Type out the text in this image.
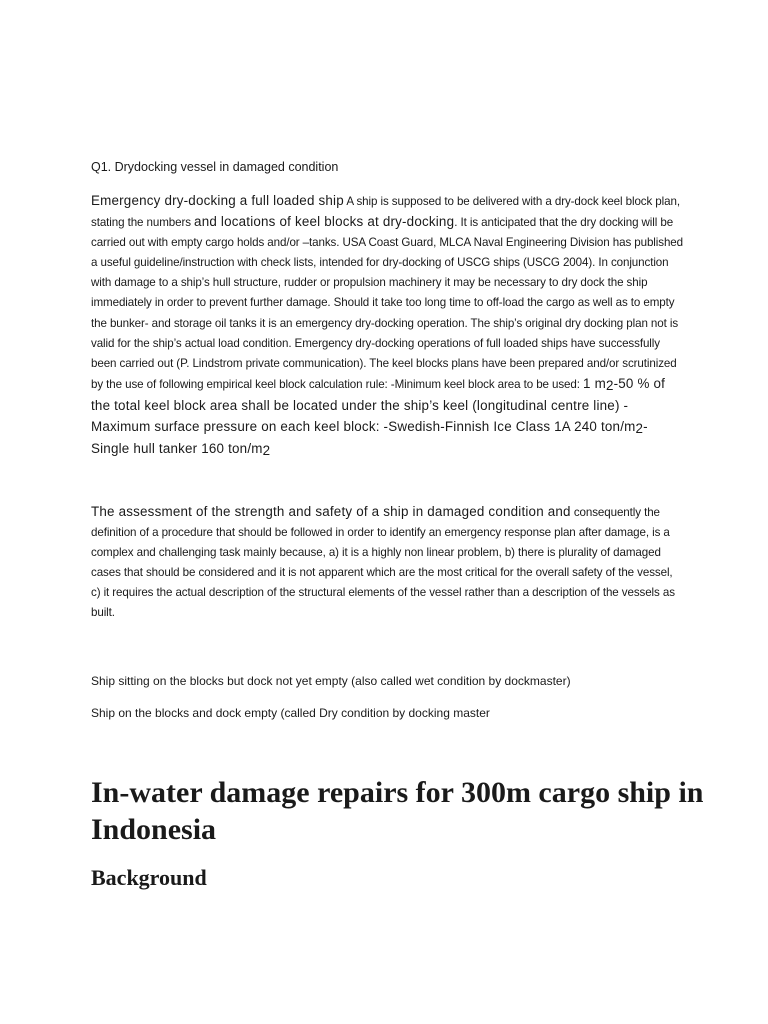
Q1. Drydocking vessel in damaged condition

Emergency dry-docking a full loaded ship A ship is supposed to be delivered with a dry-dock keel block plan, stating the numbers and locations of keel blocks at dry-docking. It is anticipated that the dry docking will be carried out with empty cargo holds and/or –tanks. USA Coast Guard, MLCA Naval Engineering Division has published a useful guideline/instruction with check lists, intended for dry-docking of USCG ships (USCG 2004). In conjunction with damage to a ship’s hull structure, rudder or propulsion machinery it may be necessary to dry dock the ship immediately in order to prevent further damage. Should it take too long time to off-load the cargo as well as to empty the bunker- and storage oil tanks it is an emergency dry-docking operation. The ship’s original dry docking plan not is valid for the ship’s actual load condition. Emergency dry-docking operations of full loaded ships have successfully been carried out (P. Lindstrom private communication). The keel blocks plans have been prepared and/or scrutinized by the use of following empirical keel block calculation rule: -Minimum keel block area to be used: 1 $m_2-50$ % of the total keel block area shall be located under the ship’s keel (longitudinal centre line) -Maximum surface pressure on each keel block: -Swedish-Finnish Ice Class 1A 240 ton/$m_2$-Single hull tanker 160 ton/$m_2$

The assessment of the strength and safety of a ship in damaged condition and consequently the definition of a procedure that should be followed in order to identify an emergency response plan after damage, is a complex and challenging task mainly because, a) it is a highly non linear problem, b) there is plurality of damaged cases that should be considered and it is not apparent which are the most critical for the overall safety of the vessel, c) it requires the actual description of the structural elements of the vessel rather than a description of the vessels as built.

Ship sitting on the blocks but dock not yet empty (also called wet condition by dockmaster)

Ship on the blocks and dock empty (called Dry condition by docking master

In-water damage repairs for 300m cargo ship in Indonesia
Background
